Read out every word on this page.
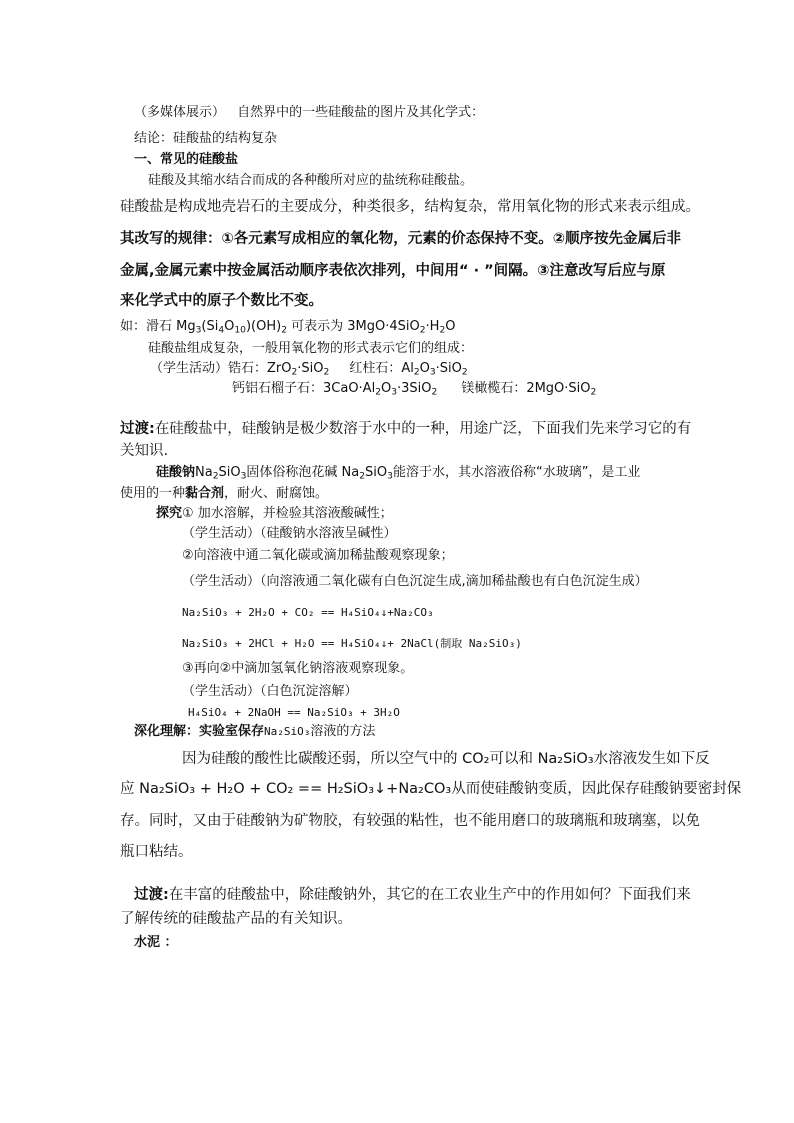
（多媒体展示） 自然界中的一些硅酸盐的图片及其化学式：
结论：硅酸盐的结构复杂
一、常见的硅酸盐
硅酸及其缩水结合而成的各种酸所对应的盐统称硅酸盐。
硅酸盐是构成地壳岩石的主要成分，种类很多，结构复杂，常用氧化物的形式来表示组成。
其改写的规律：①各元素写成相应的氧化物，元素的价态保持不变。②顺序按先金属后非
金属,金属元素中按金属活动顺序表依次排列，中间用“ · ”间隔。③注意改写后应与原
来化学式中的原子个数比不变。
如：滑石 $Mg_3(Si_4O_{10})(OH)_2$ 可表示为 $3MgO\cdot 4SiO_2\cdot H_2O$
硅酸盐组成复杂，一般用氧化物的形式表示它们的组成：
（学生活动）锆石：ZrO$_2$·SiO$_2$ 红柱石：$Al_2O_3\cdot SiO_2$
钙铝石榴子石：$3CaO\cdot Al_2O_3\cdot 3SiO_2$ 镁橄榄石：2MgO·SiO$_2$
过渡:在硅酸盐中，硅酸钠是极少数溶于水中的一种，用途广泛，下面我们先来学习它的有
关知识.
硅酸钠$Na_2SiO_3$固体俗称泡花碱 $Na_2SiO_3$能溶于水，其水溶液俗称“水玻璃”，是工业
使用的一种黏合剂，耐火、耐腐蚀。
探究① 加水溶解，并检验其溶液酸碱性；
（学生活动）（硅酸钠水溶液呈碱性）
②向溶液中通二氧化碳或滴加稀盐酸观察现象；
（学生活动）（向溶液通二氧化碳有白色沉淀生成,滴加稀盐酸也有白色沉淀生成）
Na₂SiO₃ + 2H₂O + CO₂ == H₄SiO₄↓+Na₂CO₃
Na₂SiO₃ + 2HCl + H₂O == H₄SiO₄↓+ 2NaCl(制取 Na₂SiO₃)
③再向②中滴加氢氧化钠溶液观察现象。
（学生活动）（白色沉淀溶解）
H₄SiO₄ + 2NaOH == Na₂SiO₃ + 3H₂O
深化理解：实验室保存Na₂SiO₃溶液的方法
因为硅酸的酸性比碳酸还弱，所以空气中的 CO₂可以和 Na₂SiO₃水溶液发生如下反
应 Na₂SiO₃ + H₂O + CO₂ == H₂SiO₃↓+Na₂CO₃从而使硅酸钠变质，因此保存硅酸钠要密封保
存。同时，又由于硅酸钠为矿物胶，有较强的粘性，也不能用磨口的玻璃瓶和玻璃塞，以免
瓶口粘结。
过渡:在丰富的硅酸盐中，除硅酸钠外，其它的在工农业生产中的作用如何？下面我们来
了解传统的硅酸盐产品的有关知识。
水泥 ：
